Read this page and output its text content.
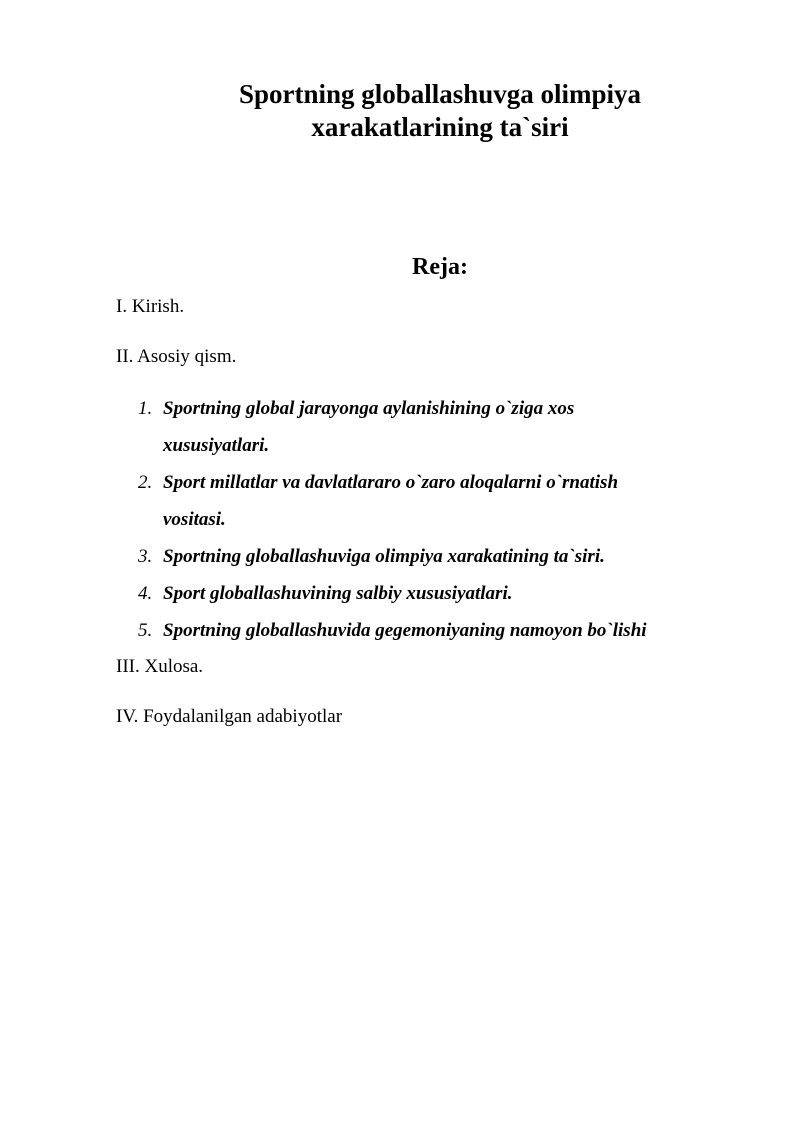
Sportning globallashuvga olimpiya
xarakatlarining ta`siri
Reja:

I. Kirish.

II. Asosiy qism.

1. Sportning global jarayonga aylanishining o`ziga xos
xususiyatlari.
2. Sport millatlar va davlatlararo o`zaro aloqalarni o`rnatish
vositasi.
3. Sportning globallashuviga olimpiya xarakatining ta`siri.
4. Sport globallashuvining salbiy xususiyatlari.
5. Sportning globallashuvida gegemoniyaning namoyon bo`lishi

III. Xulosa.

IV. Foydalanilgan adabiyotlar
